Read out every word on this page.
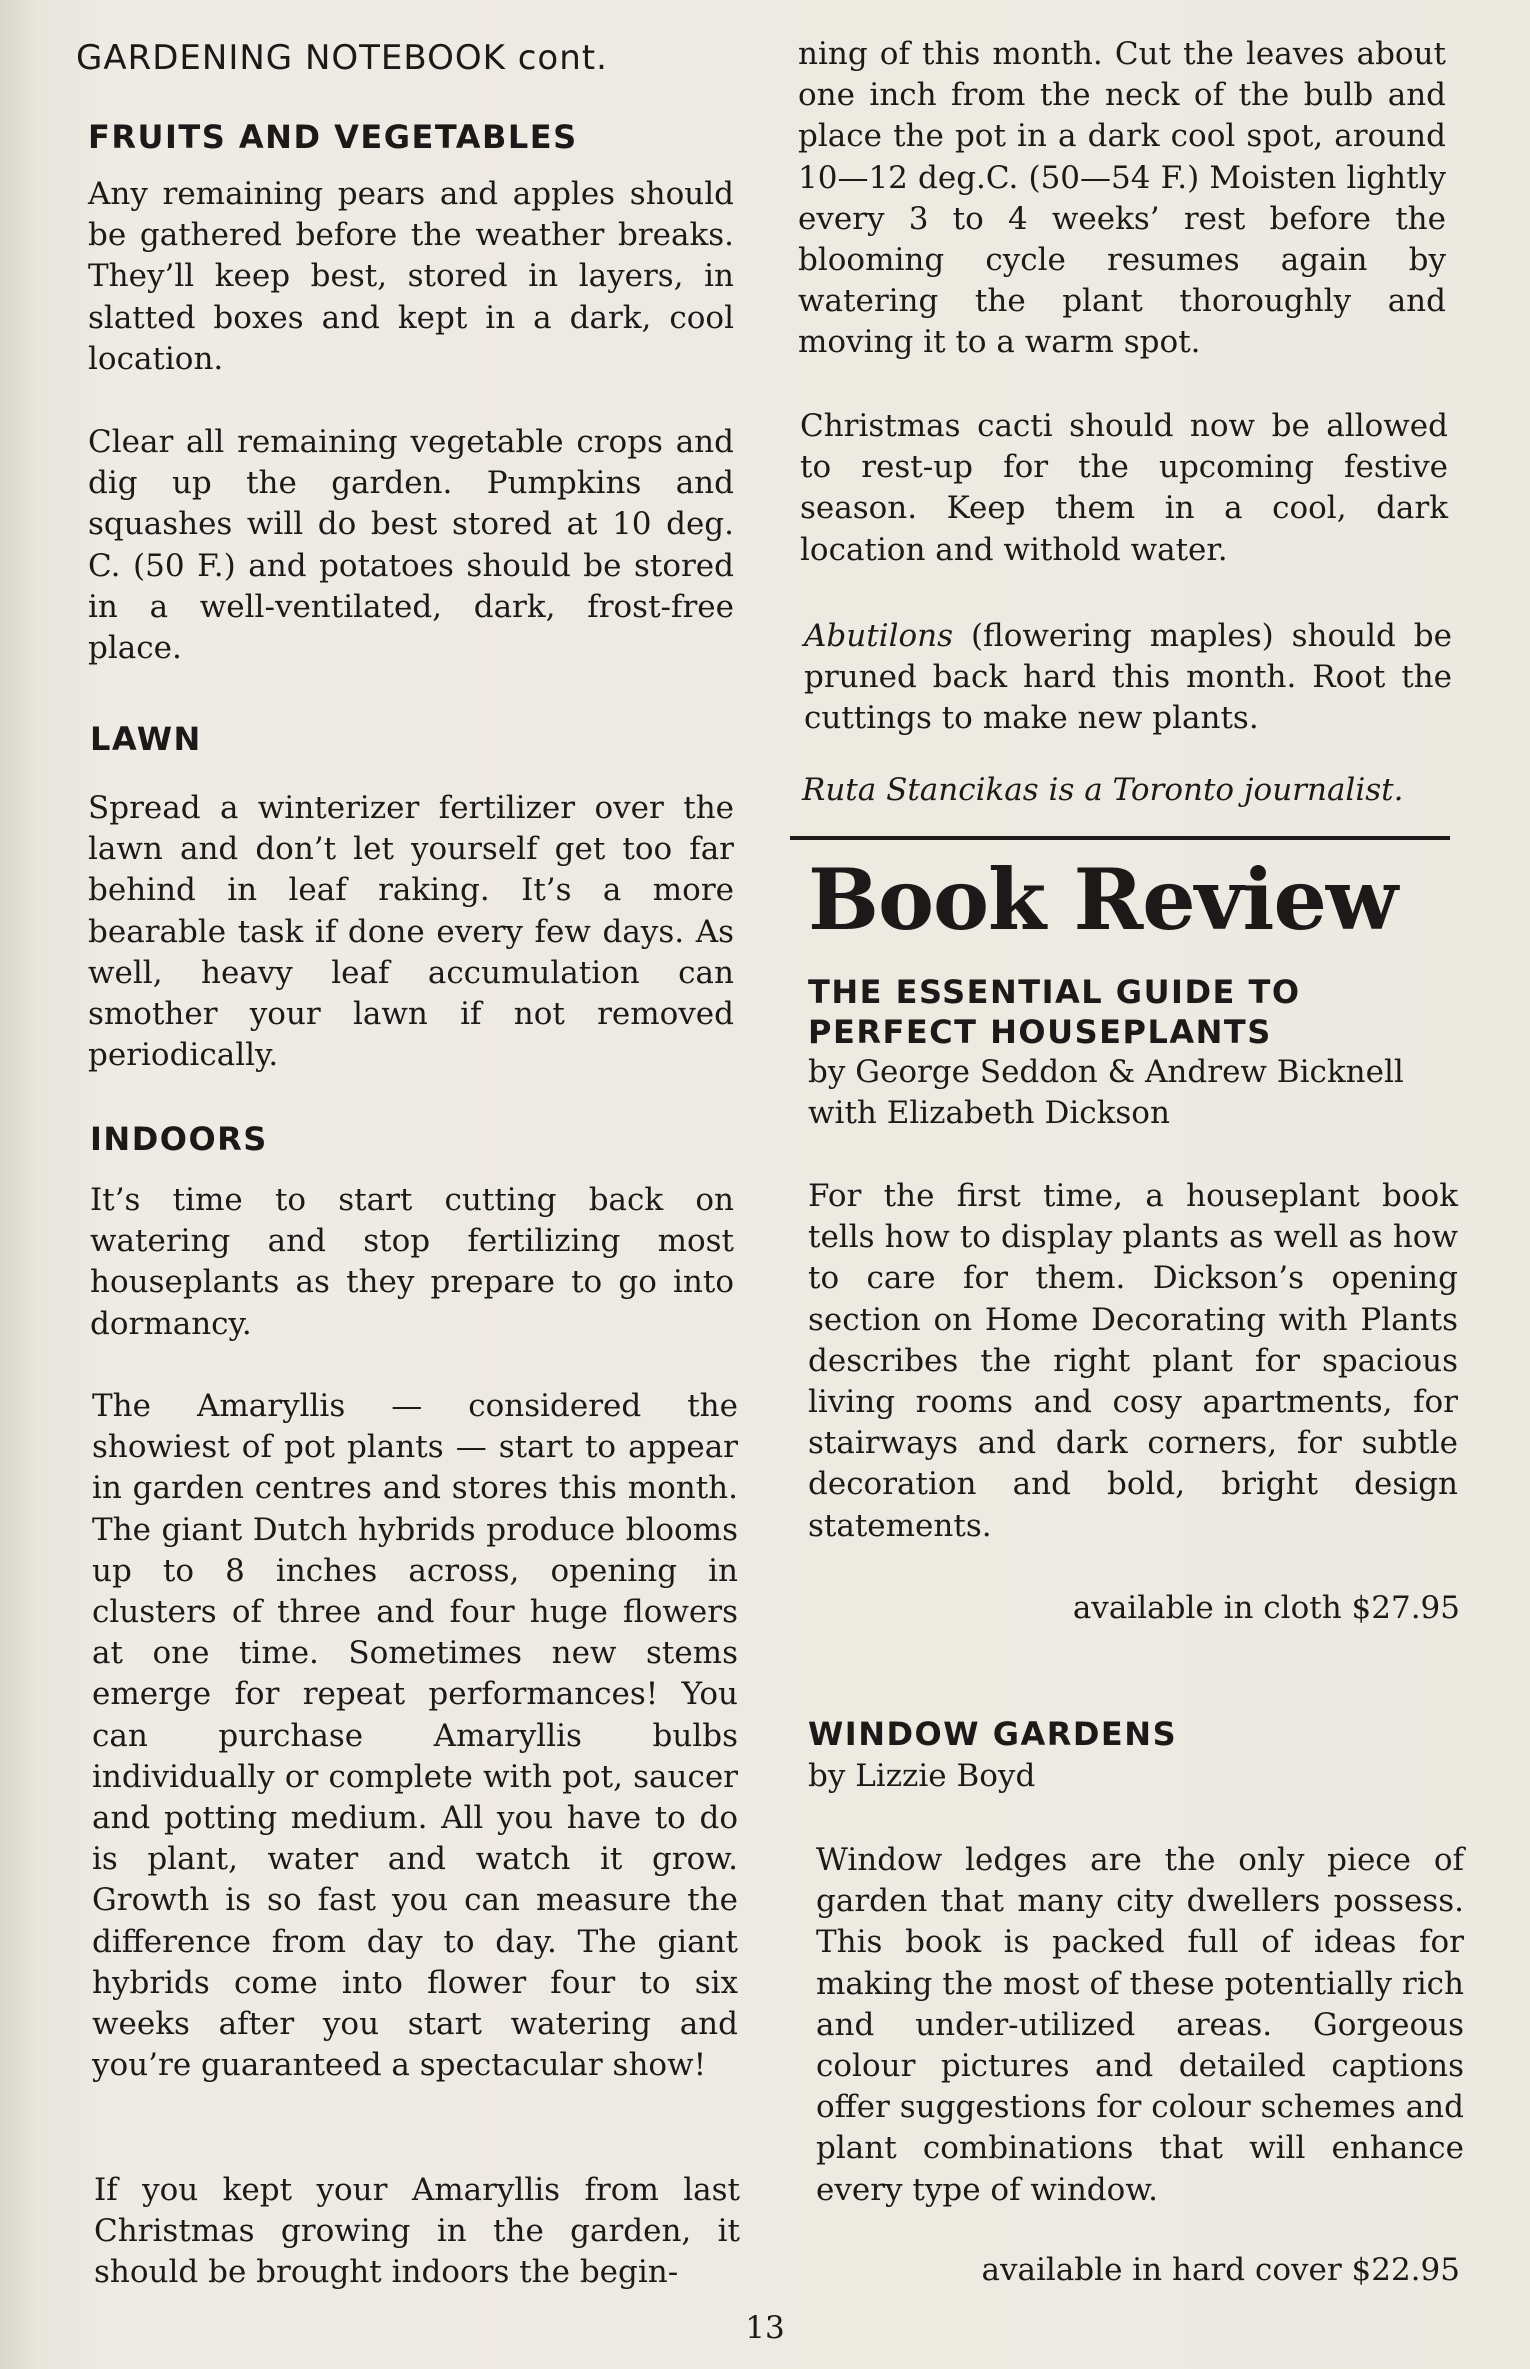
GARDENING NOTEBOOK cont.
FRUITS AND VEGETABLES
Any remaining pears and apples should be gathered before the weather breaks. They’ll keep best, stored in layers, in slatted boxes and kept in a dark, cool location.
Clear all remaining vegetable crops and dig up the garden. Pumpkins and squashes will do best stored at 10 deg. C. (50 F.) and potatoes should be stored in a well-ventilated, dark, frost-free place.
LAWN
Spread a winterizer fertilizer over the lawn and don’t let yourself get too far behind in leaf raking. It’s a more bearable task if done every few days. As well, heavy leaf accumulation can smother your lawn if not removed periodically.
INDOORS
It’s time to start cutting back on watering and stop fertilizing most houseplants as they prepare to go into dormancy.
The Amaryllis — considered the showiest of pot plants — start to appear in garden centres and stores this month. The giant Dutch hybrids produce blooms up to 8 inches across, opening in clusters of three and four huge flowers at one time. Sometimes new stems emerge for repeat performances! You can purchase Amaryllis bulbs individually or complete with pot, saucer and potting medium. All you have to do is plant, water and watch it grow. Growth is so fast you can measure the difference from day to day. The giant hybrids come into flower four to six weeks after you start watering and you’re guaranteed a spectacular show!
If you kept your Amaryllis from last Christmas growing in the garden, it should be brought indoors the begin-
ning of this month. Cut the leaves about one inch from the neck of the bulb and place the pot in a dark cool spot, around 10—12 deg.C. (50—54 F.) Moisten lightly every 3 to 4 weeks’ rest before the blooming cycle resumes again by watering the plant thoroughly and moving it to a warm spot.
Christmas cacti should now be allowed to rest-up for the upcoming festive season. Keep them in a cool, dark location and withold water.
Abutilons (flowering maples) should be pruned back hard this month. Root the cuttings to make new plants.
Ruta Stancikas is a Toronto journalist.
Book Review
THE ESSENTIAL GUIDE TO PERFECT HOUSEPLANTS
by George Seddon & Andrew Bicknell with Elizabeth Dickson
For the first time, a houseplant book tells how to display plants as well as how to care for them. Dickson’s opening section on Home Decorating with Plants describes the right plant for spacious living rooms and cosy apartments, for stairways and dark corners, for subtle decoration and bold, bright design statements.
available in cloth $27.95
WINDOW GARDENS
by Lizzie Boyd
Window ledges are the only piece of garden that many city dwellers possess. This book is packed full of ideas for making the most of these potentially rich and under-utilized areas. Gorgeous colour pictures and detailed captions offer suggestions for colour schemes and plant combinations that will enhance every type of window.
available in hard cover $22.95
13
